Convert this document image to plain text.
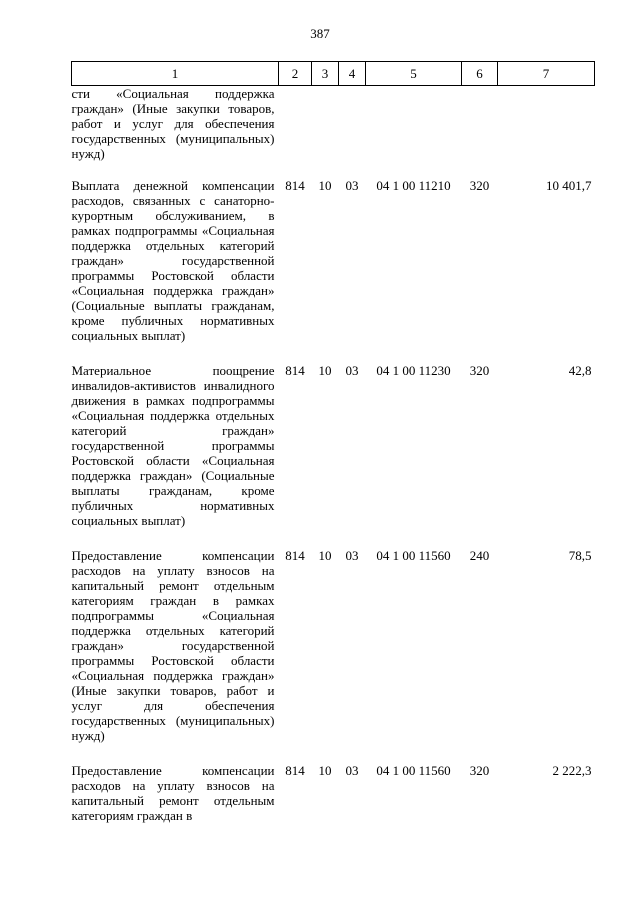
387
1	2	3	4	5	6	7
сти «Социальная поддержка граждан» (Иные закупки товаров, работ и услуг для обеспечения государственных (муниципальных) нужд)						
Выплата денежной компенсации расходов, связанных с санаторно-курортным обслуживанием, в рамках подпрограммы «Социальная поддержка отдельных категорий граждан» государственной программы Ростовской области «Социальная поддержка граждан» (Социальные выплаты гражданам, кроме публичных нормативных социальных выплат)	814	10	03	04 1 00 11210	320	10 401,7
Материальное поощрение инвалидов-активистов инвалидного движения в рамках подпрограммы «Социальная поддержка отдельных категорий граждан» государственной программы Ростовской области «Социальная поддержка граждан» (Социальные выплаты гражданам, кроме публичных нормативных социальных выплат)	814	10	03	04 1 00 11230	320	42,8
Предоставление компенсации расходов на уплату взносов на капитальный ремонт отдельным категориям граждан в рамках подпрограммы «Социальная поддержка отдельных категорий граждан» государственной программы Ростовской области «Социальная поддержка граждан» (Иные закупки товаров, работ и услуг для обеспечения государственных (муниципальных) нужд)	814	10	03	04 1 00 11560	240	78,5
Предоставление компенсации расходов на уплату взносов на капитальный ремонт отдельным категориям граждан в	814	10	03	04 1 00 11560	320	2 222,3
